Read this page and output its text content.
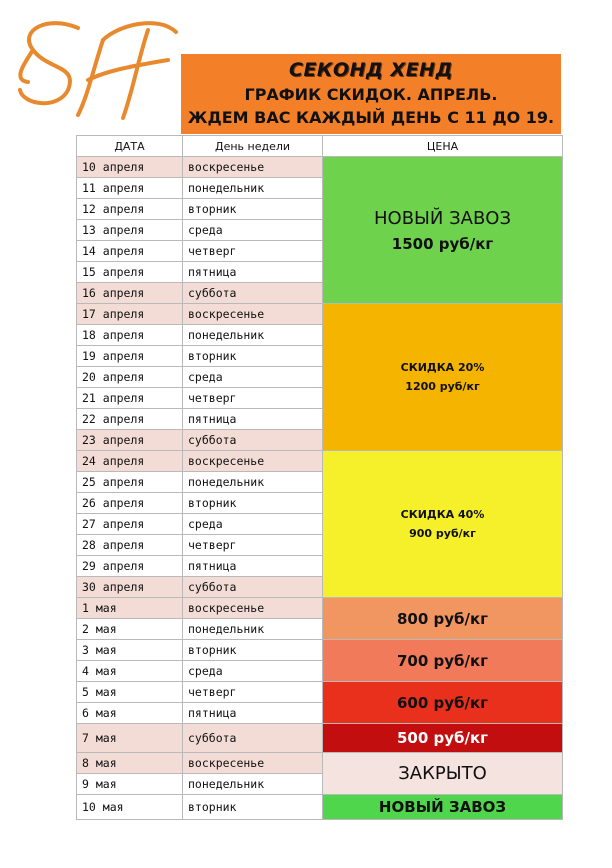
СЕКОНД ХЕНД
ГРАФИК СКИДОК. АПРЕЛЬ.
ЖДЕМ ВАС КАЖДЫЙ ДЕНЬ С 11 ДО 19.
ДАТА	День недели	ЦЕНА
10 апреля	воскресенье	НОВЫЙ ЗАВОЗ
1500 руб/кг

11 апреля	понедельник	
12 апреля	вторник	
13 апреля	среда	
14 апреля	четверг	
15 апреля	пятница	
16 апреля	суббота	
17 апреля	воскресенье	СКИДКА 20%
1200 руб/кг

18 апреля	понедельник	
19 апреля	вторник	
20 апреля	среда	
21 апреля	четверг	
22 апреля	пятница	
23 апреля	суббота	
24 апреля	воскресенье	СКИДКА 40%
900 руб/кг

25 апреля	понедельник	
26 апреля	вторник	
27 апреля	среда	
28 апреля	четверг	
29 апреля	пятница	
30 апреля	суббота	
1 мая	воскресенье	800 руб/кг

2 мая	понедельник	
3 мая	вторник	700 руб/кг

4 мая	среда	
5 мая	четверг	600 руб/кг

6 мая	пятница	
7 мая	суббота	500 руб/кг

8 мая	воскресенье	ЗАКРЫТО

9 мая	понедельник	
10 мая	вторник	НОВЫЙ ЗАВОЗ
